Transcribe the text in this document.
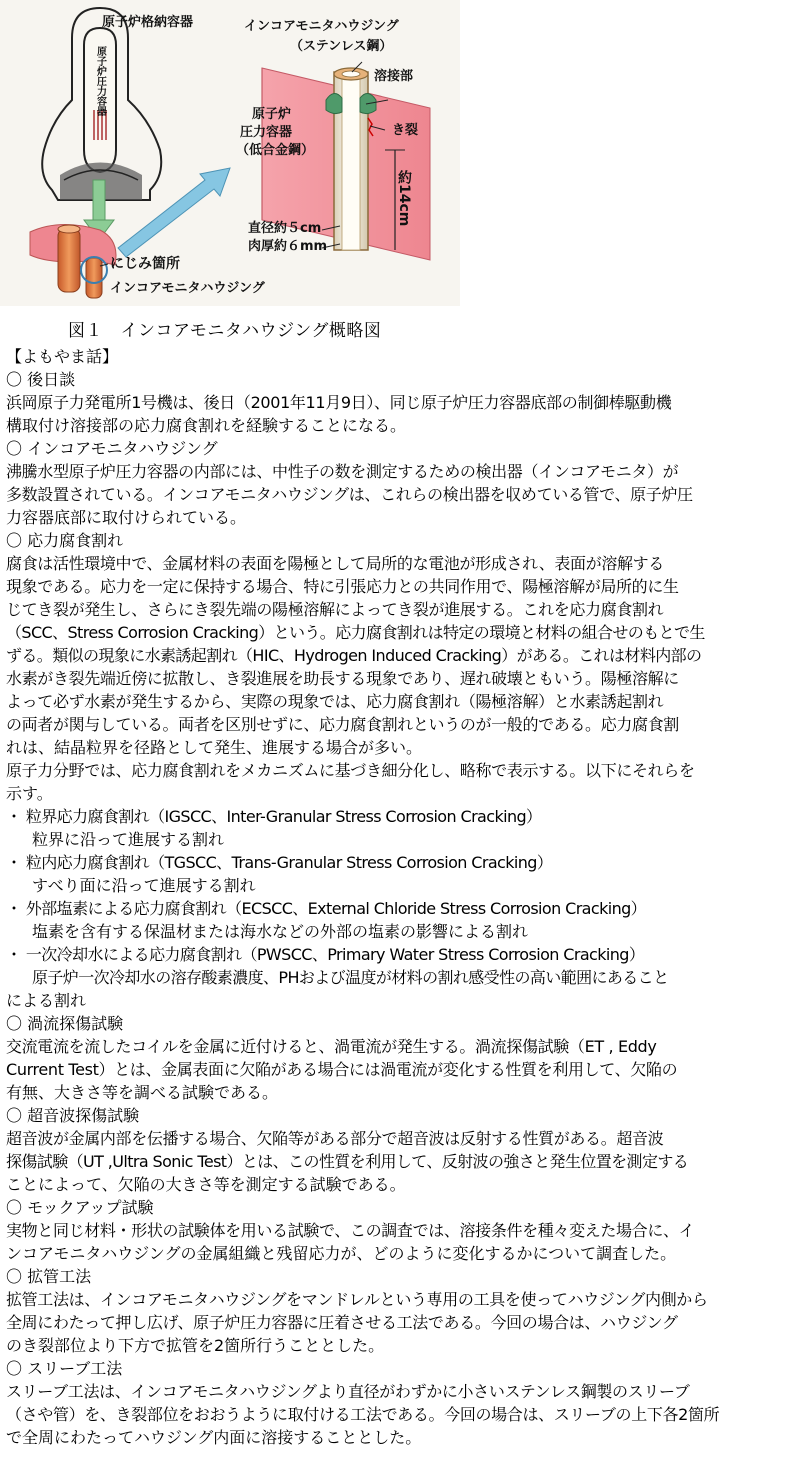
原子炉格納容器
原子炉圧力容器
インコアモニタハウジング
（ステンレス鋼）
溶接部
き裂
原子炉
圧力容器
（低合金鋼）
約14cm
直径約５cm
肉厚約６mm
にじみ箇所
インコアモニタハウジング
図１　インコアモニタハウジング概略図

【よもやま話】

〇 後日談

浜岡原子力発電所1号機は、後日（2001年11月9日）、同じ原子炉圧力容器底部の制御棒駆動機

構取付け溶接部の応力腐食割れを経験することになる。

〇 インコアモニタハウジング

沸騰水型原子炉圧力容器の内部には、中性子の数を測定するための検出器（インコアモニタ）が

多数設置されている。インコアモニタハウジングは、これらの検出器を収めている管で、原子炉圧

力容器底部に取付けられている。

〇 応力腐食割れ

腐食は活性環境中で、金属材料の表面を陽極として局所的な電池が形成され、表面が溶解する

現象である。応力を一定に保持する場合、特に引張応力との共同作用で、陽極溶解が局所的に生

じてき裂が発生し、さらにき裂先端の陽極溶解によってき裂が進展する。これを応力腐食割れ

（SCC、Stress Corrosion Cracking）という。応力腐食割れは特定の環境と材料の組合せのもとで生

ずる。類似の現象に水素誘起割れ（HIC、Hydrogen Induced Cracking）がある。これは材料内部の

水素がき裂先端近傍に拡散し、き裂進展を助長する現象であり、遅れ破壊ともいう。陽極溶解に

よって必ず水素が発生するから、実際の現象では、応力腐食割れ（陽極溶解）と水素誘起割れ

の両者が関与している。両者を区別せずに、応力腐食割れというのが一般的である。応力腐食割

れは、結晶粒界を径路として発生、進展する場合が多い。

原子力分野では、応力腐食割れをメカニズムに基づき細分化し、略称で表示する。以下にそれらを

示す。

・ 粒界応力腐食割れ（IGSCC、Inter-Granular Stress Corrosion Cracking）

粒界に沿って進展する割れ

・ 粒内応力腐食割れ（TGSCC、Trans-Granular Stress Corrosion Cracking）

すべり面に沿って進展する割れ

・ 外部塩素による応力腐食割れ（ECSCC、External Chloride Stress Corrosion Cracking）

塩素を含有する保温材または海水などの外部の塩素の影響による割れ

・ 一次冷却水による応力腐食割れ（PWSCC、Primary Water Stress Corrosion Cracking）

原子炉一次冷却水の溶存酸素濃度、PHおよび温度が材料の割れ感受性の高い範囲にあること

による割れ

〇 渦流探傷試験

交流電流を流したコイルを金属に近付けると、渦電流が発生する。渦流探傷試験（ET , Eddy

Current Test）とは、金属表面に欠陥がある場合には渦電流が変化する性質を利用して、欠陥の

有無、大きさ等を調べる試験である。

〇 超音波探傷試験

超音波が金属内部を伝播する場合、欠陥等がある部分で超音波は反射する性質がある。超音波

探傷試験（UT ,Ultra Sonic Test）とは、この性質を利用して、反射波の強さと発生位置を測定する

ことによって、欠陥の大きさ等を測定する試験である。

〇 モックアップ試験

実物と同じ材料・形状の試験体を用いる試験で、この調査では、溶接条件を種々変えた場合に、イ

ンコアモニタハウジングの金属組織と残留応力が、どのように変化するかについて調査した。

〇 拡管工法

拡管工法は、インコアモニタハウジングをマンドレルという専用の工具を使ってハウジング内側から

全周にわたって押し広げ、原子炉圧力容器に圧着させる工法である。今回の場合は、ハウジング

のき裂部位より下方で拡管を2箇所行うこととした。

〇 スリーブ工法

スリーブ工法は、インコアモニタハウジングより直径がわずかに小さいステンレス鋼製のスリーブ

（さや管）を、き裂部位をおおうように取付ける工法である。今回の場合は、スリーブの上下各2箇所

で全周にわたってハウジング内面に溶接することとした。
